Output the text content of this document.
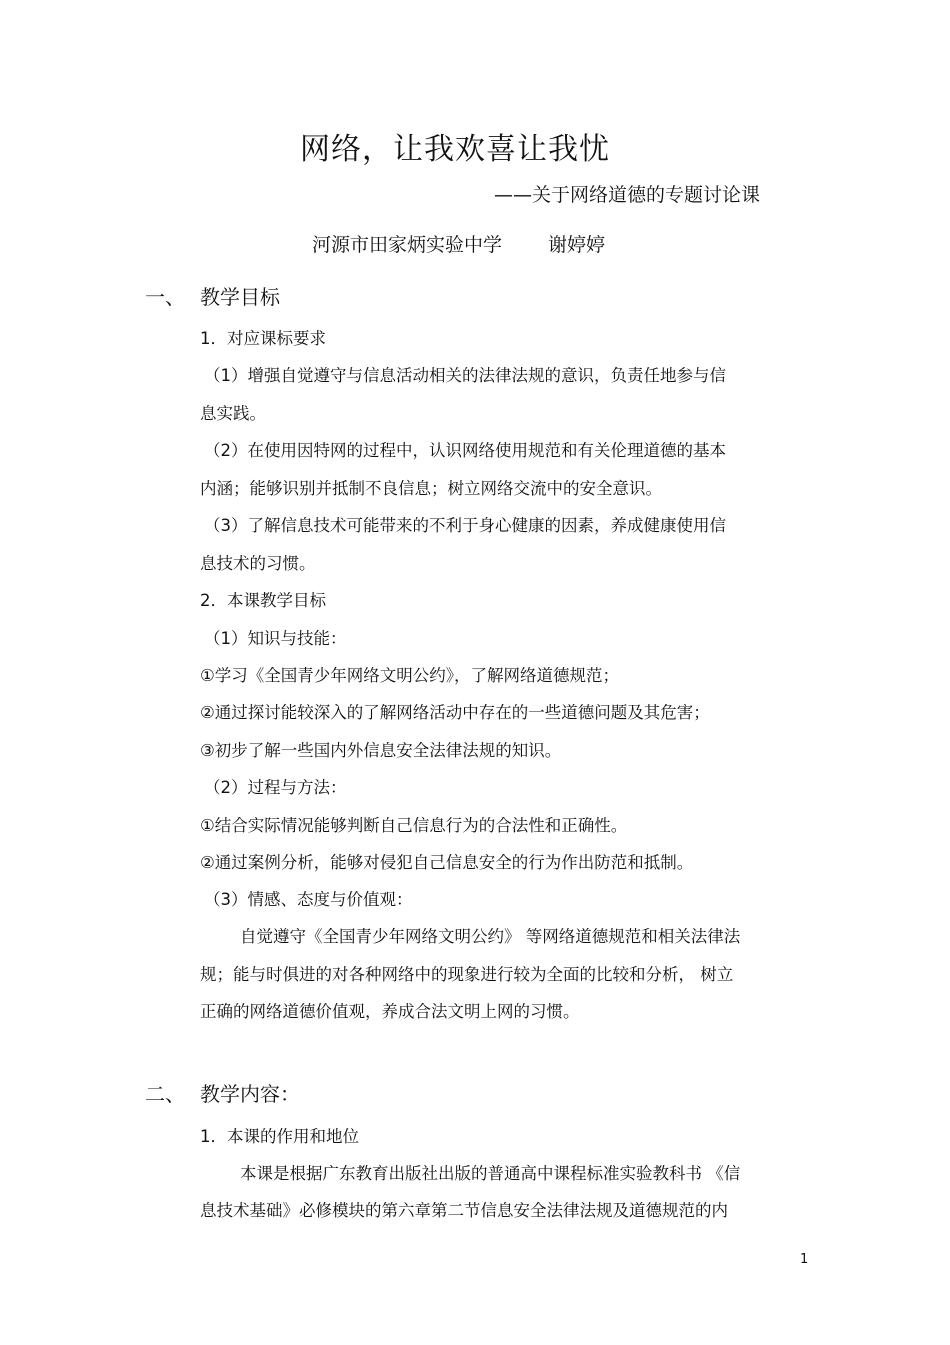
网络，让我欢喜让我忧
——关于网络道德的专题讨论课
河源市田家炳实验中学 谢婷婷
一、 教学目标
1．对应课标要求
（1）增强自觉遵守与信息活动相关的法律法规的意识，负责任地参与信
息实践。
（2）在使用因特网的过程中，认识网络使用规范和有关伦理道德的基本
内涵；能够识别并抵制不良信息；树立网络交流中的安全意识。
（3）了解信息技术可能带来的不利于身心健康的因素，养成健康使用信
息技术的习惯。
2．本课教学目标
（1）知识与技能：
①学习《全国青少年网络文明公约》，了解网络道德规范；
②通过探讨能较深入的了解网络活动中存在的一些道德问题及其危害；
③初步了解一些国内外信息安全法律法规的知识。
（2）过程与方法：
①结合实际情况能够判断自己信息行为的合法性和正确性。
②通过案例分析，能够对侵犯自己信息安全的行为作出防范和抵制。
（3）情感、态度与价值观：
自觉遵守《全国青少年网络文明公约》 等网络道德规范和相关法律法
规；能与时俱进的对各种网络中的现象进行较为全面的比较和分析， 树立
正确的网络道德价值观，养成合法文明上网的习惯。
二、 教学内容：
1．本课的作用和地位
本课是根据广东教育出版社出版的普通高中课程标准实验教科书 《信
息技术基础》必修模块的第六章第二节信息安全法律法规及道德规范的内
1
